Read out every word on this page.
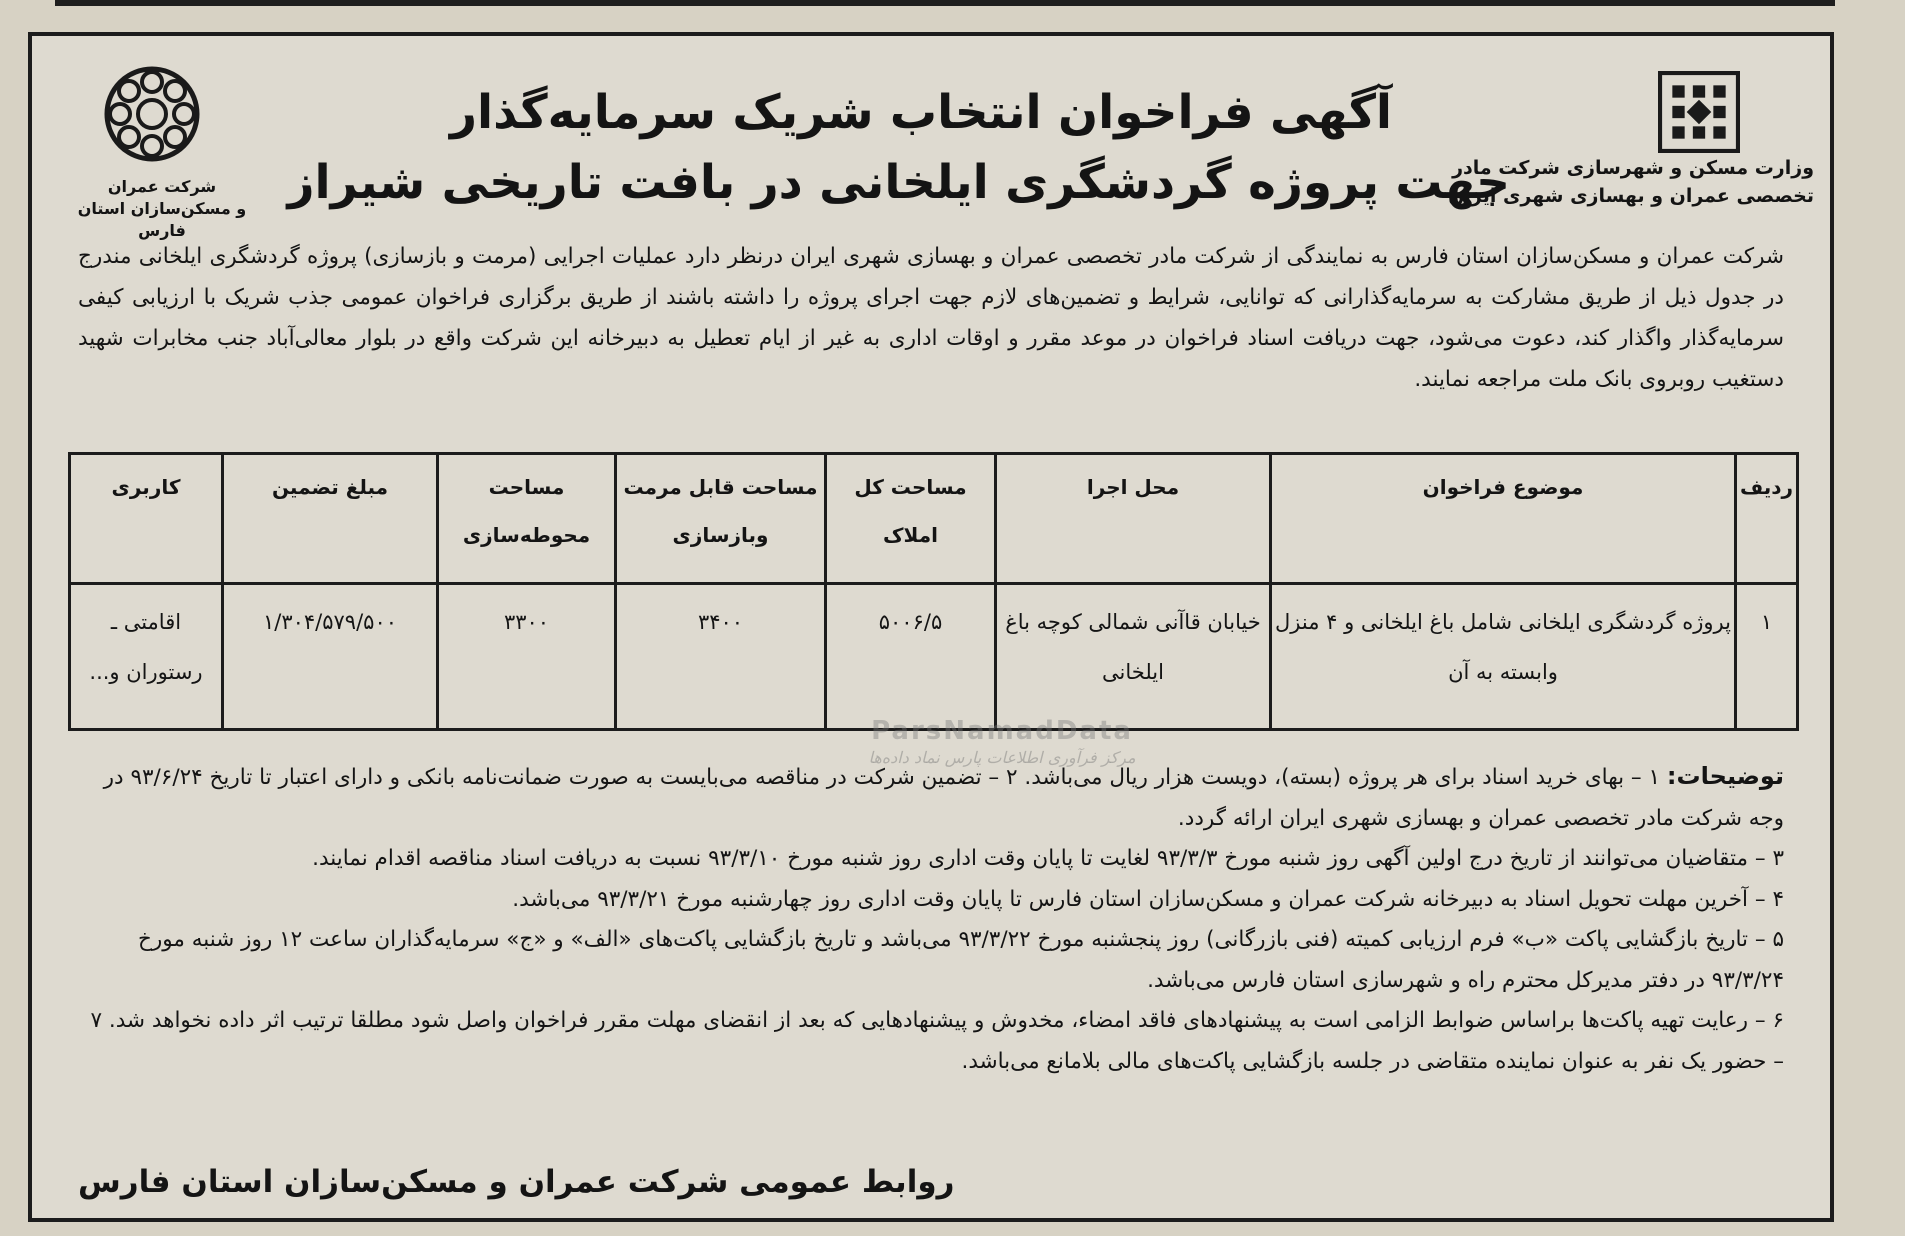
وزارت مسکن و شهرسازی شرکت مادر
تخصصی عمران و بهسازی شهری ایران
شرکت عمران
و مسکن‌سازان استان فارس
آگهی فراخوان انتخاب شریک سرمایه‌گذار
جهت پروژه گردشگری ایلخانی در بافت تاریخی شیراز
شرکت عمران و مسکن‌سازان استان فارس به نمایندگی از شرکت مادر تخصصی عمران و بهسازی شهری ایران درنظر دارد عملیات اجرایی (مرمت و بازسازی) پروژه گردشگری ایلخانی مندرج در جدول ذیل از طریق مشارکت به سرمایه‌گذارانی که توانایی، شرایط و تضمین‌های لازم جهت اجرای پروژه را داشته باشند از طریق برگزاری فراخوان عمومی جذب شریک با ارزیابی کیفی سرمایه‌گذار واگذار کند، دعوت می‌شود، جهت دریافت اسناد فراخوان در موعد مقرر و اوقات اداری به غیر از ایام تعطیل به دبیرخانه این شرکت واقع در بلوار معالی‌آباد جنب مخابرات شهید دستغیب روبروی بانک ملت مراجعه نمایند.
ردیف	موضوع فراخوان	محل اجرا	مساحت کل املاک	مساحت قابل مرمت وبازسازی	مساحت محوطه‌سازی	مبلغ تضمین	کاربری
۱	پروژه گردشگری ایلخانی شامل باغ ایلخانی و ۴ منزل وابسته به آن	خیابان قاآنی شمالی کوچه باغ ایلخانی	۵۰۰۶/۵	۳۴۰۰	۳۳۰۰	۱/۳۰۴/۵۷۹/۵۰۰	اقامتی ـ رستوران و...
ParsNamadData
مرکز فرآوری اطلاعات پارس نماد داده‌ها

توضیحات: ۱ – بهای خرید اسناد برای هر پروژه (بسته)، دویست هزار ریال می‌باشد. ۲ – تضمین شرکت در مناقصه می‌بایست به صورت ضمانت‌نامه بانکی و دارای اعتبار تا تاریخ ۹۳/۶/۲۴ در وجه شرکت مادر تخصصی عمران و بهسازی شهری ایران ارائه گردد.

۳ – متقاضیان می‌توانند از تاریخ درج اولین آگهی روز شنبه مورخ ۹۳/۳/۳ لغایت تا پایان وقت اداری روز شنبه مورخ ۹۳/۳/۱۰ نسبت به دریافت اسناد مناقصه اقدام نمایند.

۴ – آخرین مهلت تحویل اسناد به دبیرخانه شرکت عمران و مسکن‌سازان استان فارس تا پایان وقت اداری روز چهارشنبه مورخ ۹۳/۳/۲۱ می‌باشد.

۵ – تاریخ بازگشایی پاکت «ب» فرم ارزیابی کمیته (فنی بازرگانی) روز پنجشنبه مورخ ۹۳/۳/۲۲ می‌باشد و تاریخ بازگشایی پاکت‌های «الف» و «ج» سرمایه‌گذاران ساعت ۱۲ روز شنبه مورخ ۹۳/۳/۲۴ در دفتر مدیرکل محترم راه و شهرسازی استان فارس می‌باشد.

۶ – رعایت تهیه پاکت‌ها براساس ضوابط الزامی است به پیشنهادهای فاقد امضاء، مخدوش و پیشنهادهایی که بعد از انقضای مهلت مقرر فراخوان واصل شود مطلقا ترتیب اثر داده نخواهد شد. ۷ – حضور یک نفر به عنوان نماینده متقاضی در جلسه بازگشایی پاکت‌های مالی بلامانع می‌باشد.

روابط عمومی شرکت عمران و مسکن‌سازان استان فارس
